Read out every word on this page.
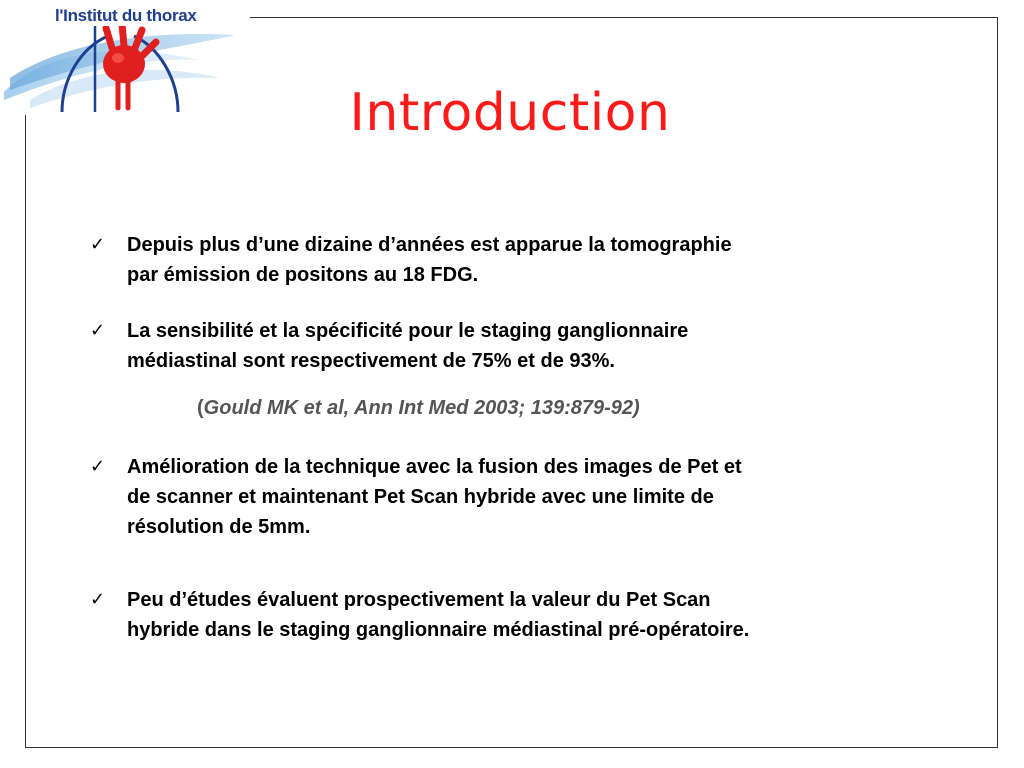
l'Institut du thorax
Introduction
✓ Depuis plus d’une dizaine d’années est apparue la tomographie
par émission de positons au 18 FDG.
✓ La sensibilité et la spécificité pour le staging ganglionnaire
médiastinal sont respectivement de 75% et de 93%.
(Gould MK et al, Ann Int Med 2003; 139:879-92)
✓ Amélioration de la technique avec la fusion des images de Pet et
de scanner et maintenant Pet Scan hybride avec une limite de
résolution de 5mm.
✓ Peu d’études évaluent prospectivement la valeur du Pet Scan
hybride dans le staging ganglionnaire médiastinal pré-opératoire.
